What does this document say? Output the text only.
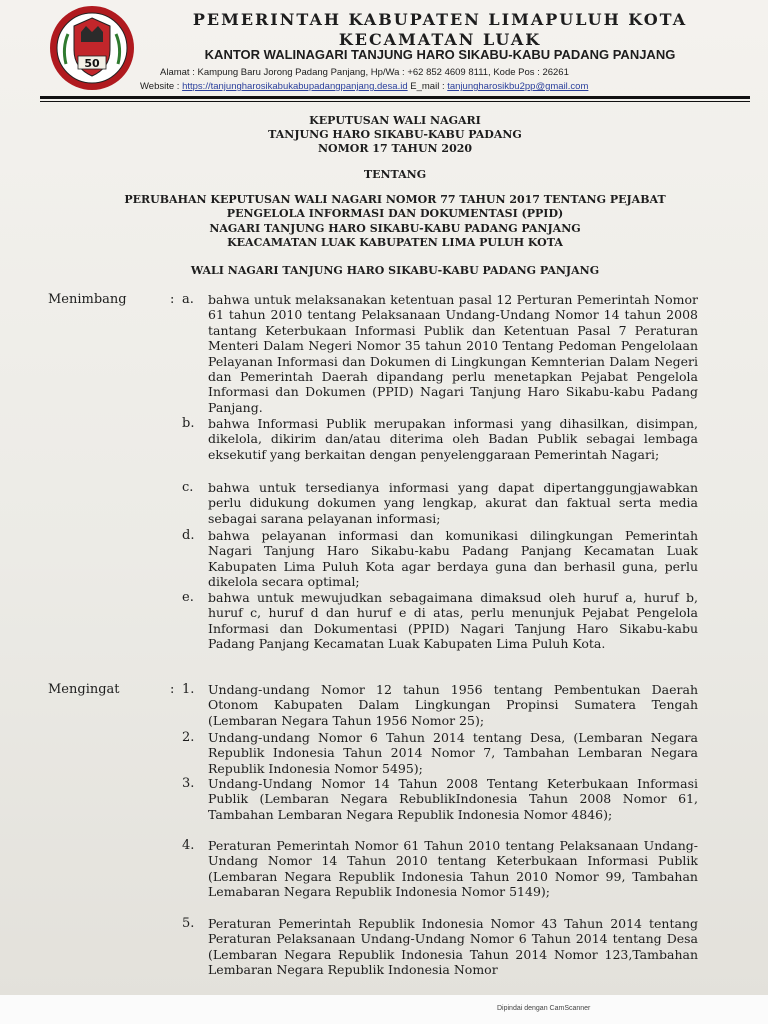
50
PEMERINTAH KABUPATEN LIMAPULUH KOTA
KECAMATAN LUAK
KANTOR WALINAGARI TANJUNG HARO SIKABU-KABU PADANG PANJANG
Alamat : Kampung Baru Jorong Padang Panjang, Hp/Wa : +62 852 4609 8111, Kode Pos : 26261
Website : https://tanjungharosikabukabupadangpanjang.desa.id E_mail : tanjungharosikbu2pp@gmail.com
KEPUTUSAN WALI NAGARI
TANJUNG HARO SIKABU-KABU PADANG
NOMOR 17 TAHUN 2020
TENTANG
PERUBAHAN KEPUTUSAN WALI NAGARI NOMOR 77 TAHUN 2017 TENTANG PEJABAT
PENGELOLA INFORMASI DAN DOKUMENTASI (PPID)
NAGARI TANJUNG HARO SIKABU-KABU PADANG PANJANG
KEACAMATAN LUAK KABUPATEN LIMA PULUH KOTA
WALI NAGARI TANJUNG HARO SIKABU-KABU PADANG PANJANG
Menimbang	: a.	bahwa untuk melaksanakan ketentuan pasal 12 Perturan Pemerintah Nomor 61 tahun 2010 tentang Pelaksanaan Undang-Undang Nomor 14 tahun 2008 tantang Keterbukaan Informasi Publik dan Ketentuan Pasal 7 Peraturan Menteri Dalam Negeri Nomor 35 tahun 2010 Tentang Pedoman Pengelolaan Pelayanan Informasi dan Dokumen di Lingkungan Kemnterian Dalam Negeri dan Pemerintah Daerah dipandang perlu menetapkan Pejabat Pengelola Informasi dan Dokumen (PPID) Nagari Tanjung Haro Sikabu-kabu Padang Panjang.

b.	bahwa Informasi Publik merupakan informasi yang dihasilkan, disimpan, dikelola, dikirim dan/atau diterima oleh Badan Publik sebagai lembaga eksekutif yang berkaitan dengan penyelenggaraan Pemerintah Nagari;

c.	bahwa untuk tersedianya informasi yang dapat dipertanggungjawabkan perlu didukung dokumen yang lengkap, akurat dan faktual serta media sebagai sarana pelayanan informasi;

d.	bahwa pelayanan informasi dan komunikasi dilingkungan Pemerintah Nagari Tanjung Haro Sikabu-kabu Padang Panjang Kecamatan Luak Kabupaten Lima Puluh Kota agar berdaya guna dan berhasil guna, perlu dikelola secara optimal;

e.	bahwa untuk mewujudkan sebagaimana dimaksud oleh huruf a, huruf b, huruf c, huruf d dan huruf e di atas, perlu menunjuk Pejabat Pengelola Informasi dan Dokumentasi (PPID) Nagari Tanjung Haro Sikabu-kabu Padang Panjang Kecamatan Luak Kabupaten Lima Puluh Kota.

Mengingat	: 1.	Undang-undang Nomor 12 tahun 1956 tentang Pembentukan Daerah Otonom Kabupaten Dalam Lingkungan Propinsi Sumatera Tengah (Lembaran Negara Tahun 1956 Nomor 25);

2.	Undang-undang Nomor 6 Tahun 2014 tentang Desa, (Lembaran Negara Republik Indonesia Tahun 2014 Nomor 7, Tambahan Lembaran Negara Republik Indonesia Nomor 5495);

3.	Undang-Undang Nomor 14 Tahun 2008 Tentang Keterbukaan Informasi Publik (Lembaran Negara RebublikIndonesia Tahun 2008 Nomor 61, Tambahan Lembaran Negara Republik Indonesia Nomor 4846);

4.	Peraturan Pemerintah Nomor 61 Tahun 2010 tentang Pelaksanaan Undang-Undang Nomor 14 Tahun 2010 tentang Keterbukaan Informasi Publik (Lembaran Negara Republik Indonesia Tahun 2010 Nomor 99, Tambahan Lemabaran Negara Republik Indonesia Nomor 5149);

5.	Peraturan Pemerintah Republik Indonesia Nomor 43 Tahun 2014 tentang Peraturan Pelaksanaan Undang-Undang Nomor 6 Tahun 2014 tentang Desa (Lembaran Negara Republik Indonesia Tahun 2014 Nomor 123,Tambahan Lembaran Negara Republik Indonesia Nomor

Dipindai dengan CamScanner
